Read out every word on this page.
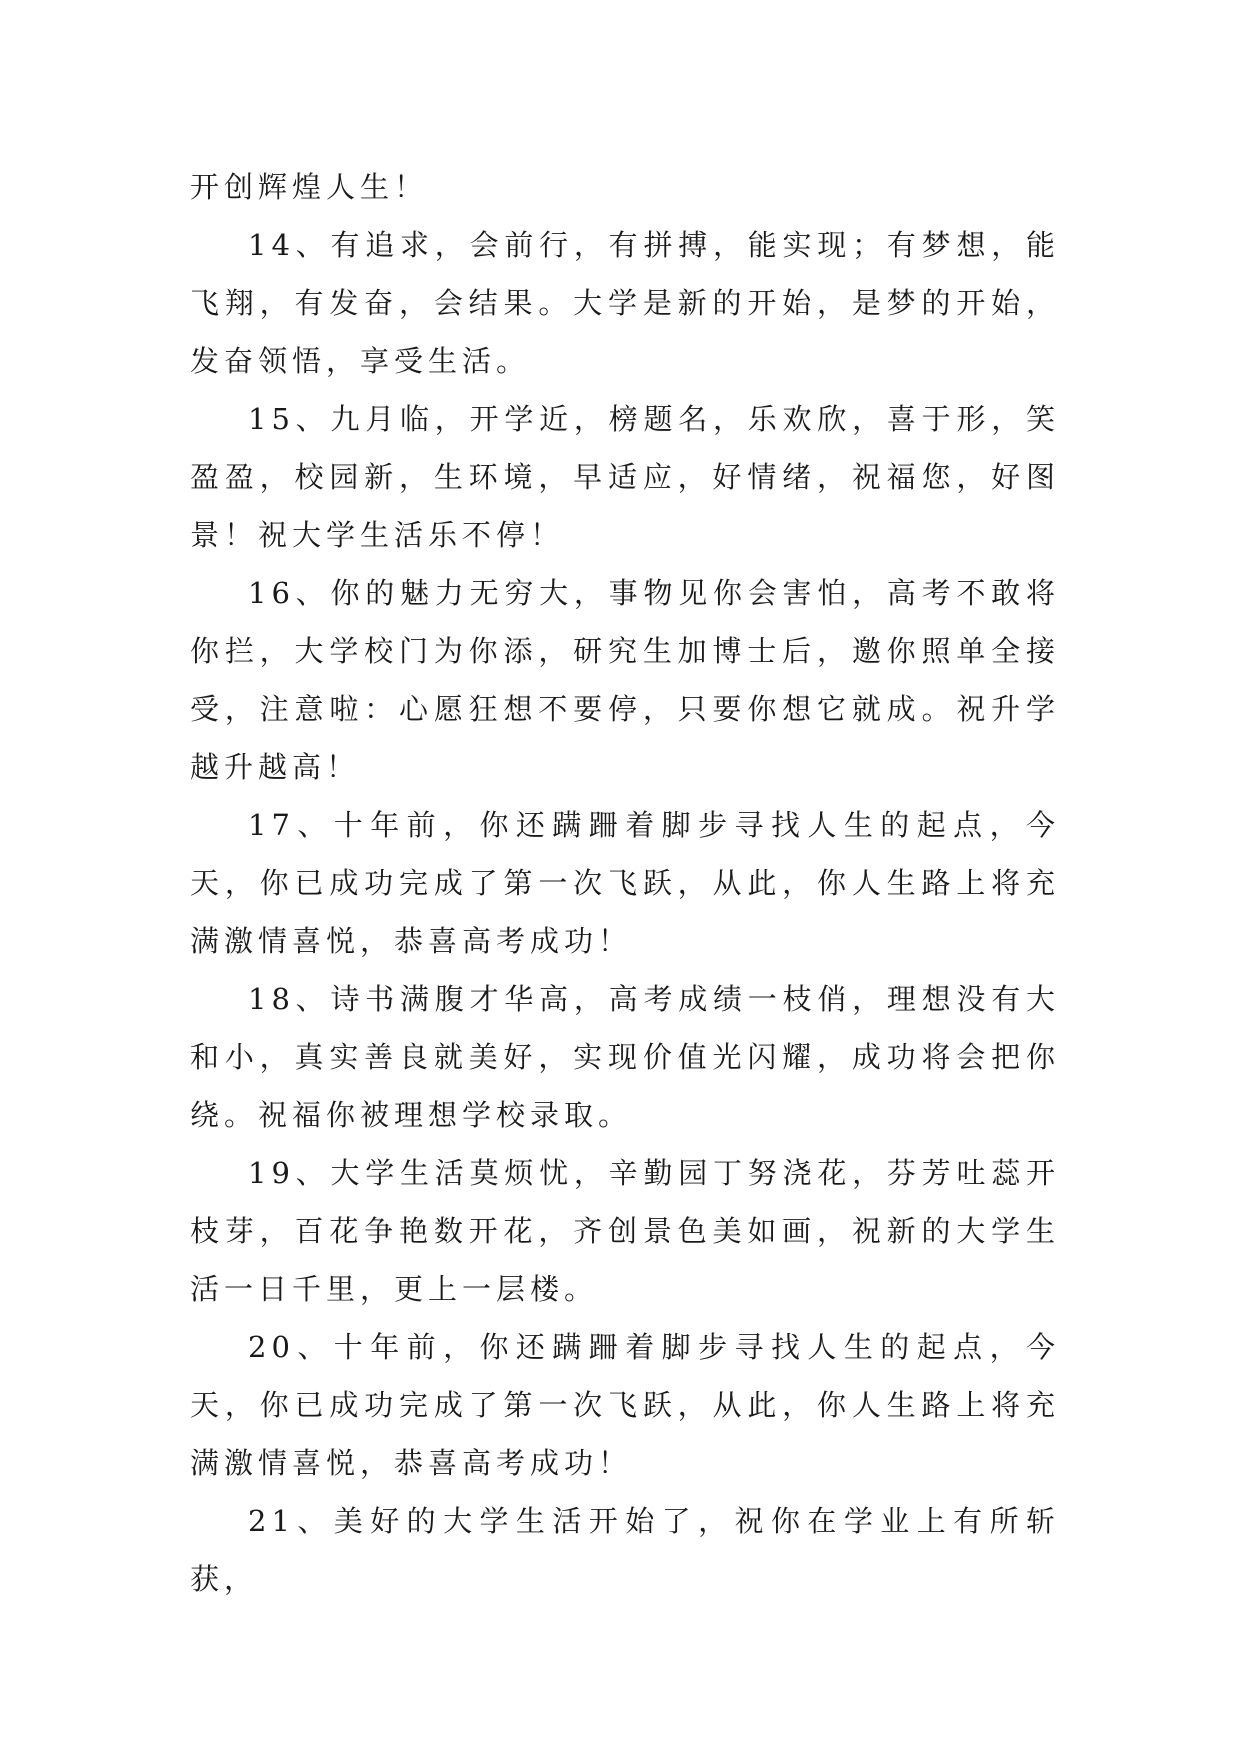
开创辉煌人生！

14、有追求，会前行，有拼搏，能实现；有梦想，能飞翔，有发奋，会结果。大学是新的开始，是梦的开始，发奋领悟，享受生活。

15、九月临，开学近，榜题名，乐欢欣，喜于形，笑盈盈，校园新，生环境，早适应，好情绪，祝福您，好图景！祝大学生活乐不停！

16、你的魅力无穷大，事物见你会害怕，高考不敢将你拦，大学校门为你添，研究生加博士后，邀你照单全接受，注意啦：心愿狂想不要停，只要你想它就成。祝升学越升越高！

17、十年前，你还蹒跚着脚步寻找人生的起点，今天，你已成功完成了第一次飞跃，从此，你人生路上将充满激情喜悦，恭喜高考成功！

18、诗书满腹才华高，高考成绩一枝俏，理想没有大和小，真实善良就美好，实现价值光闪耀，成功将会把你绕。祝福你被理想学校录取。

19、大学生活莫烦忧，辛勤园丁努浇花，芬芳吐蕊开枝芽，百花争艳数开花，齐创景色美如画，祝新的大学生活一日千里，更上一层楼。

20、十年前，你还蹒跚着脚步寻找人生的起点，今天，你已成功完成了第一次飞跃，从此，你人生路上将充满激情喜悦，恭喜高考成功！

21、美好的大学生活开始了，祝你在学业上有所斩获，
